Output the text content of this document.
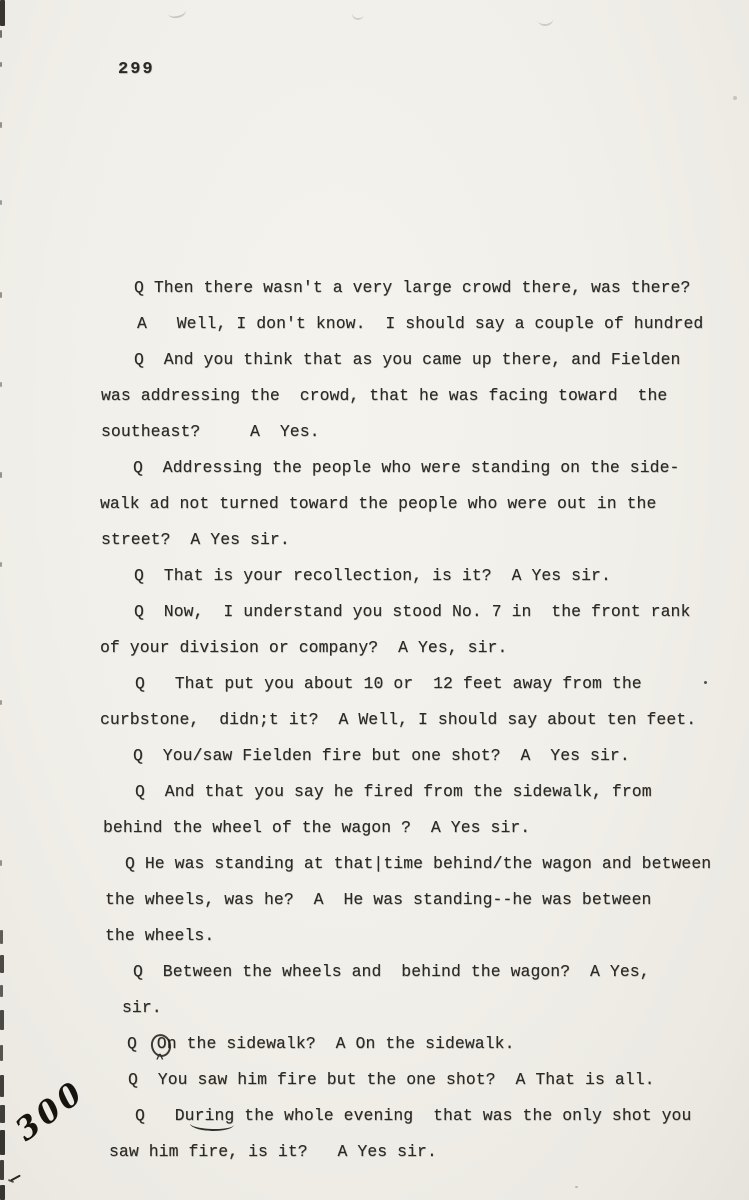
299
Q Then there wasn't a very large crowd there, was there?
A   Well, I don't know.  I should say a couple of hundred
Q  And you think that as you came up there, and Fielden
was addressing the  crowd, that he was facing toward  the
southeast?     A  Yes.
Q  Addressing the people who were standing on the side-
walk ad not turned toward the people who were out in the
street?  A Yes sir.
Q  That is your recollection, is it?  A Yes sir.
Q  Now,  I understand you stood No. 7 in  the front rank
of your division or company?  A Yes, sir.
Q   That put you about 10 or  12 feet away from the
curbstone,  didn;t it?  A Well, I should say about ten feet.
Q  You/saw Fielden fire but one shot?  A  Yes sir.
Q  And that you say he fired from the sidewalk, from
behind the wheel of the wagon ?  A Yes sir.
Q He was standing at that|time behind/the wagon and between
the wheels, was he?  A  He was standing--he was between
the wheels.
Q  Between the wheels and  behind the wagon?  A Yes,
sir.
Q  On the sidewalk?  A On the sidewalk.
Q  You saw him fire but the one shot?  A That is all.
Q   During the whole evening  that was the only shot you
saw him fire, is it?   A Yes sir.
^
300
